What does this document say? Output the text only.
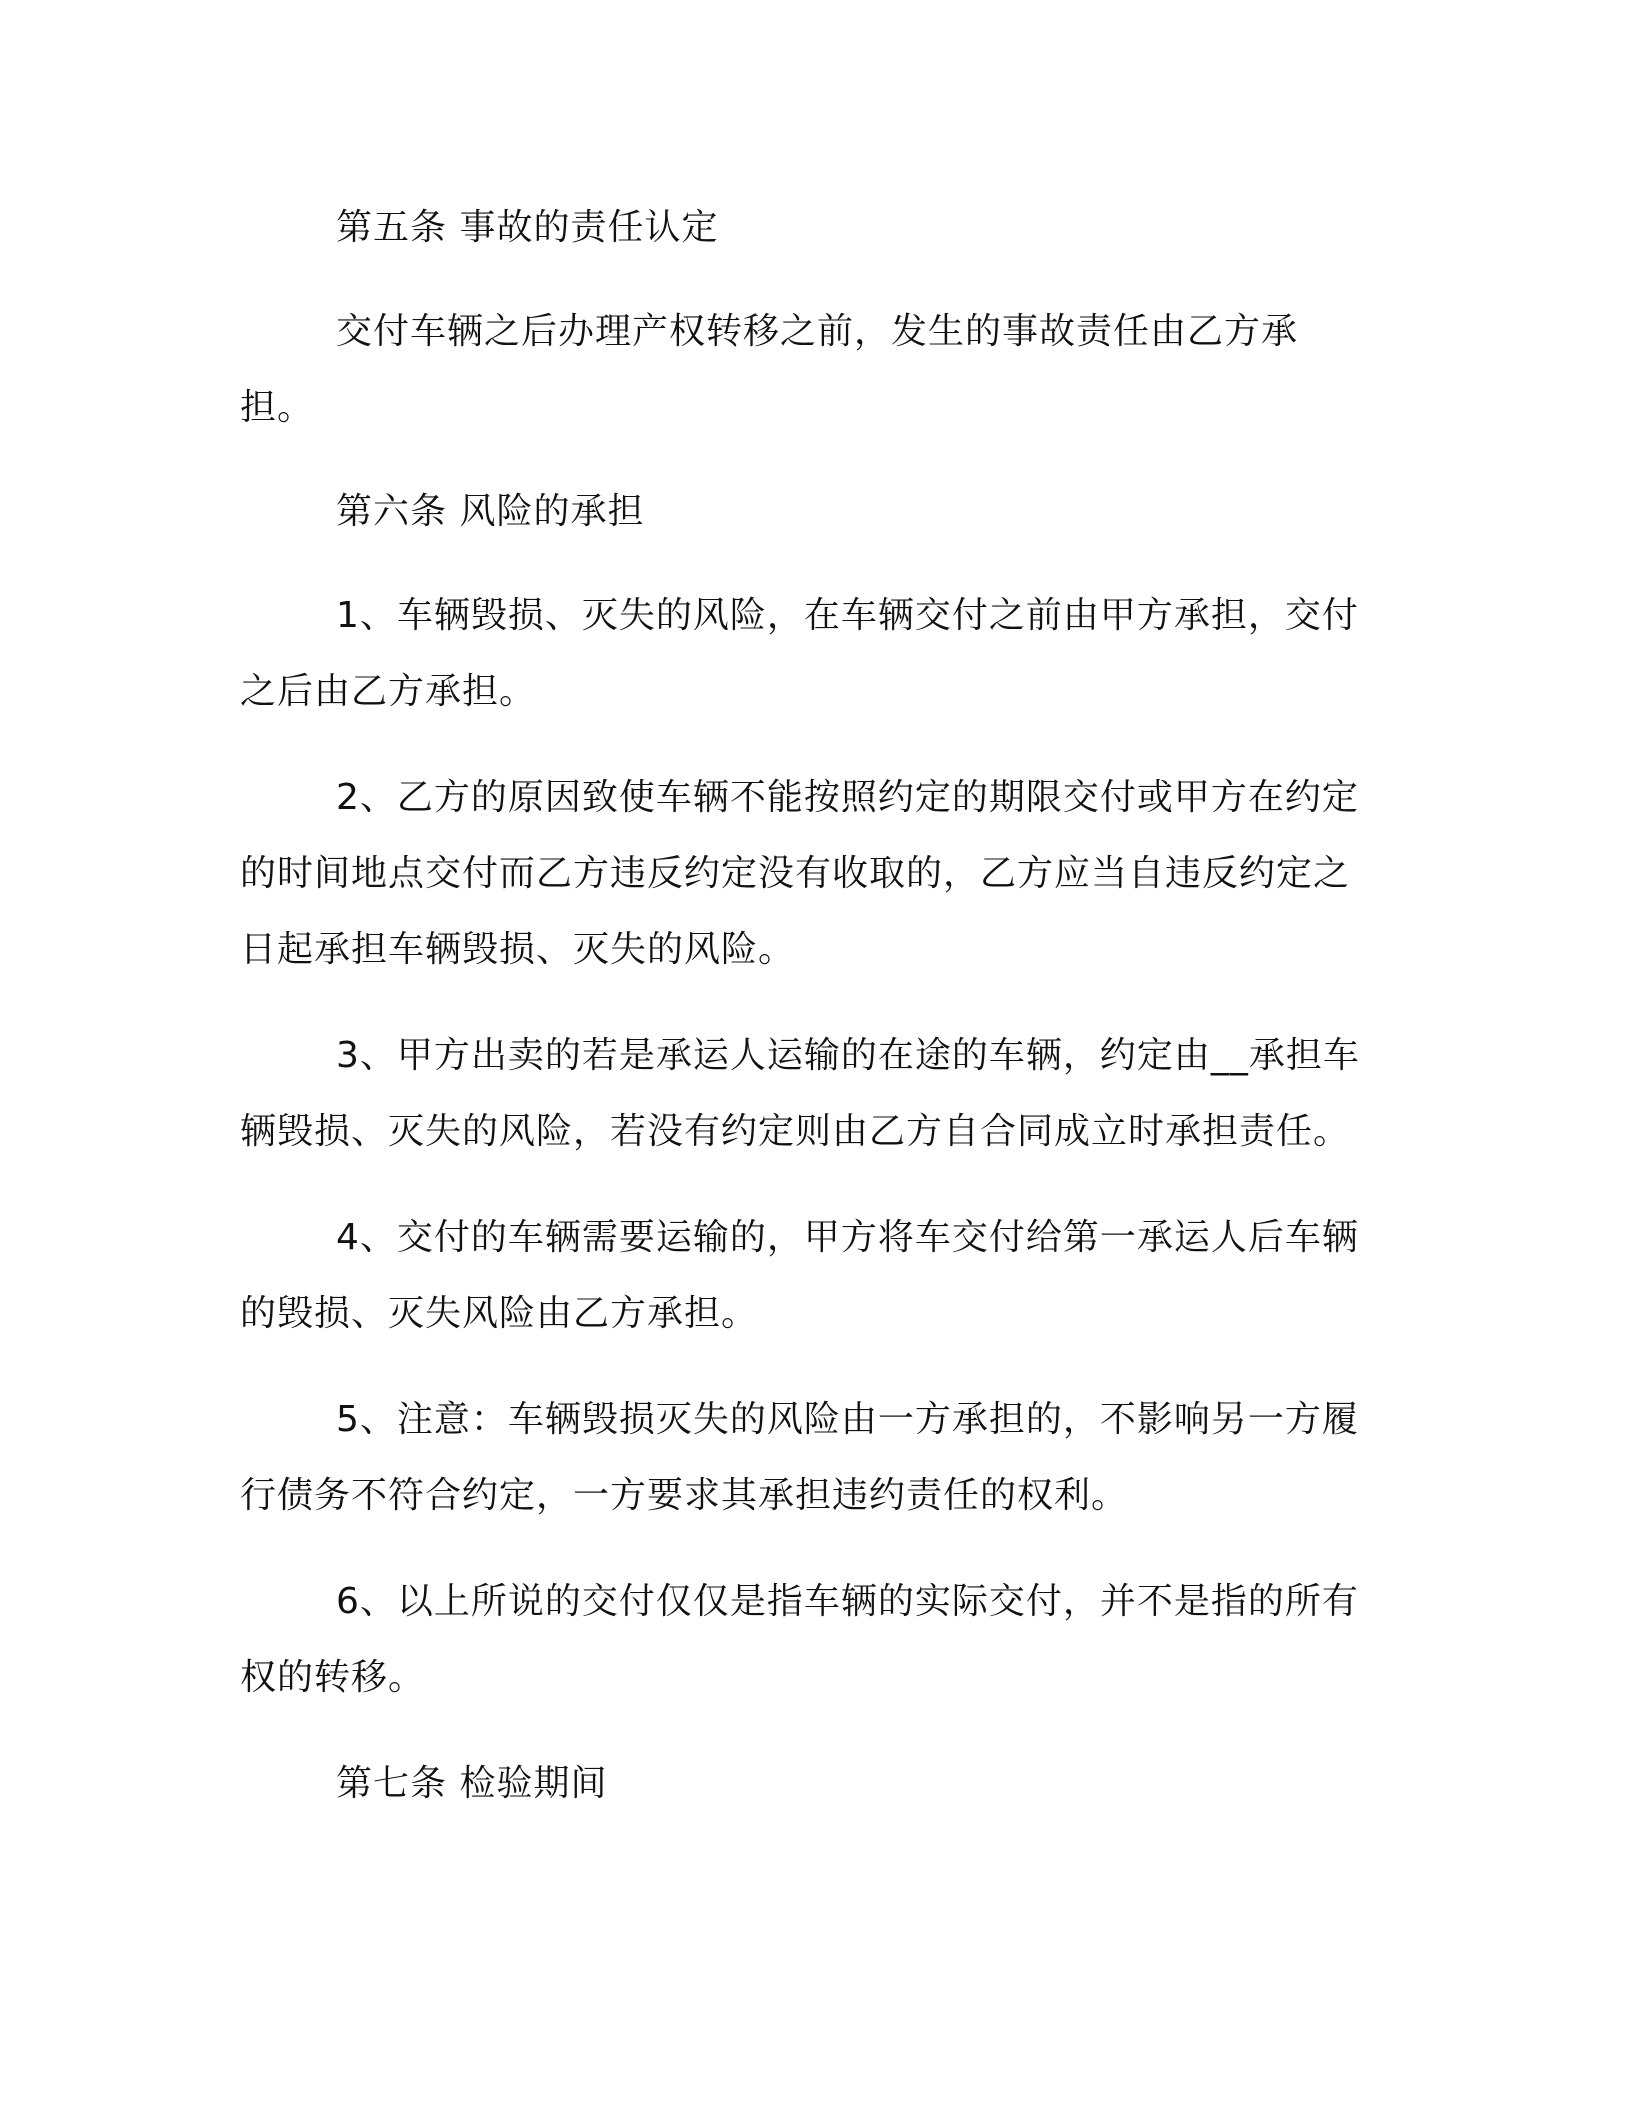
第五条 事故的责任认定

交付车辆之后办理产权转移之前，发生的事故责任由乙方承担。

第六条 风险的承担

1、车辆毁损、灭失的风险，在车辆交付之前由甲方承担，交付之后由乙方承担。

2、乙方的原因致使车辆不能按照约定的期限交付或甲方在约定的时间地点交付而乙方违反约定没有收取的，乙方应当自违反约定之日起承担车辆毁损、灭失的风险。

3、甲方出卖的若是承运人运输的在途的车辆，约定由__承担车辆毁损、灭失的风险，若没有约定则由乙方自合同成立时承担责任。

4、交付的车辆需要运输的，甲方将车交付给第一承运人后车辆的毁损、灭失风险由乙方承担。

5、注意：车辆毁损灭失的风险由一方承担的，不影响另一方履行债务不符合约定，一方要求其承担违约责任的权利。

6、以上所说的交付仅仅是指车辆的实际交付，并不是指的所有权的转移。

第七条 检验期间
